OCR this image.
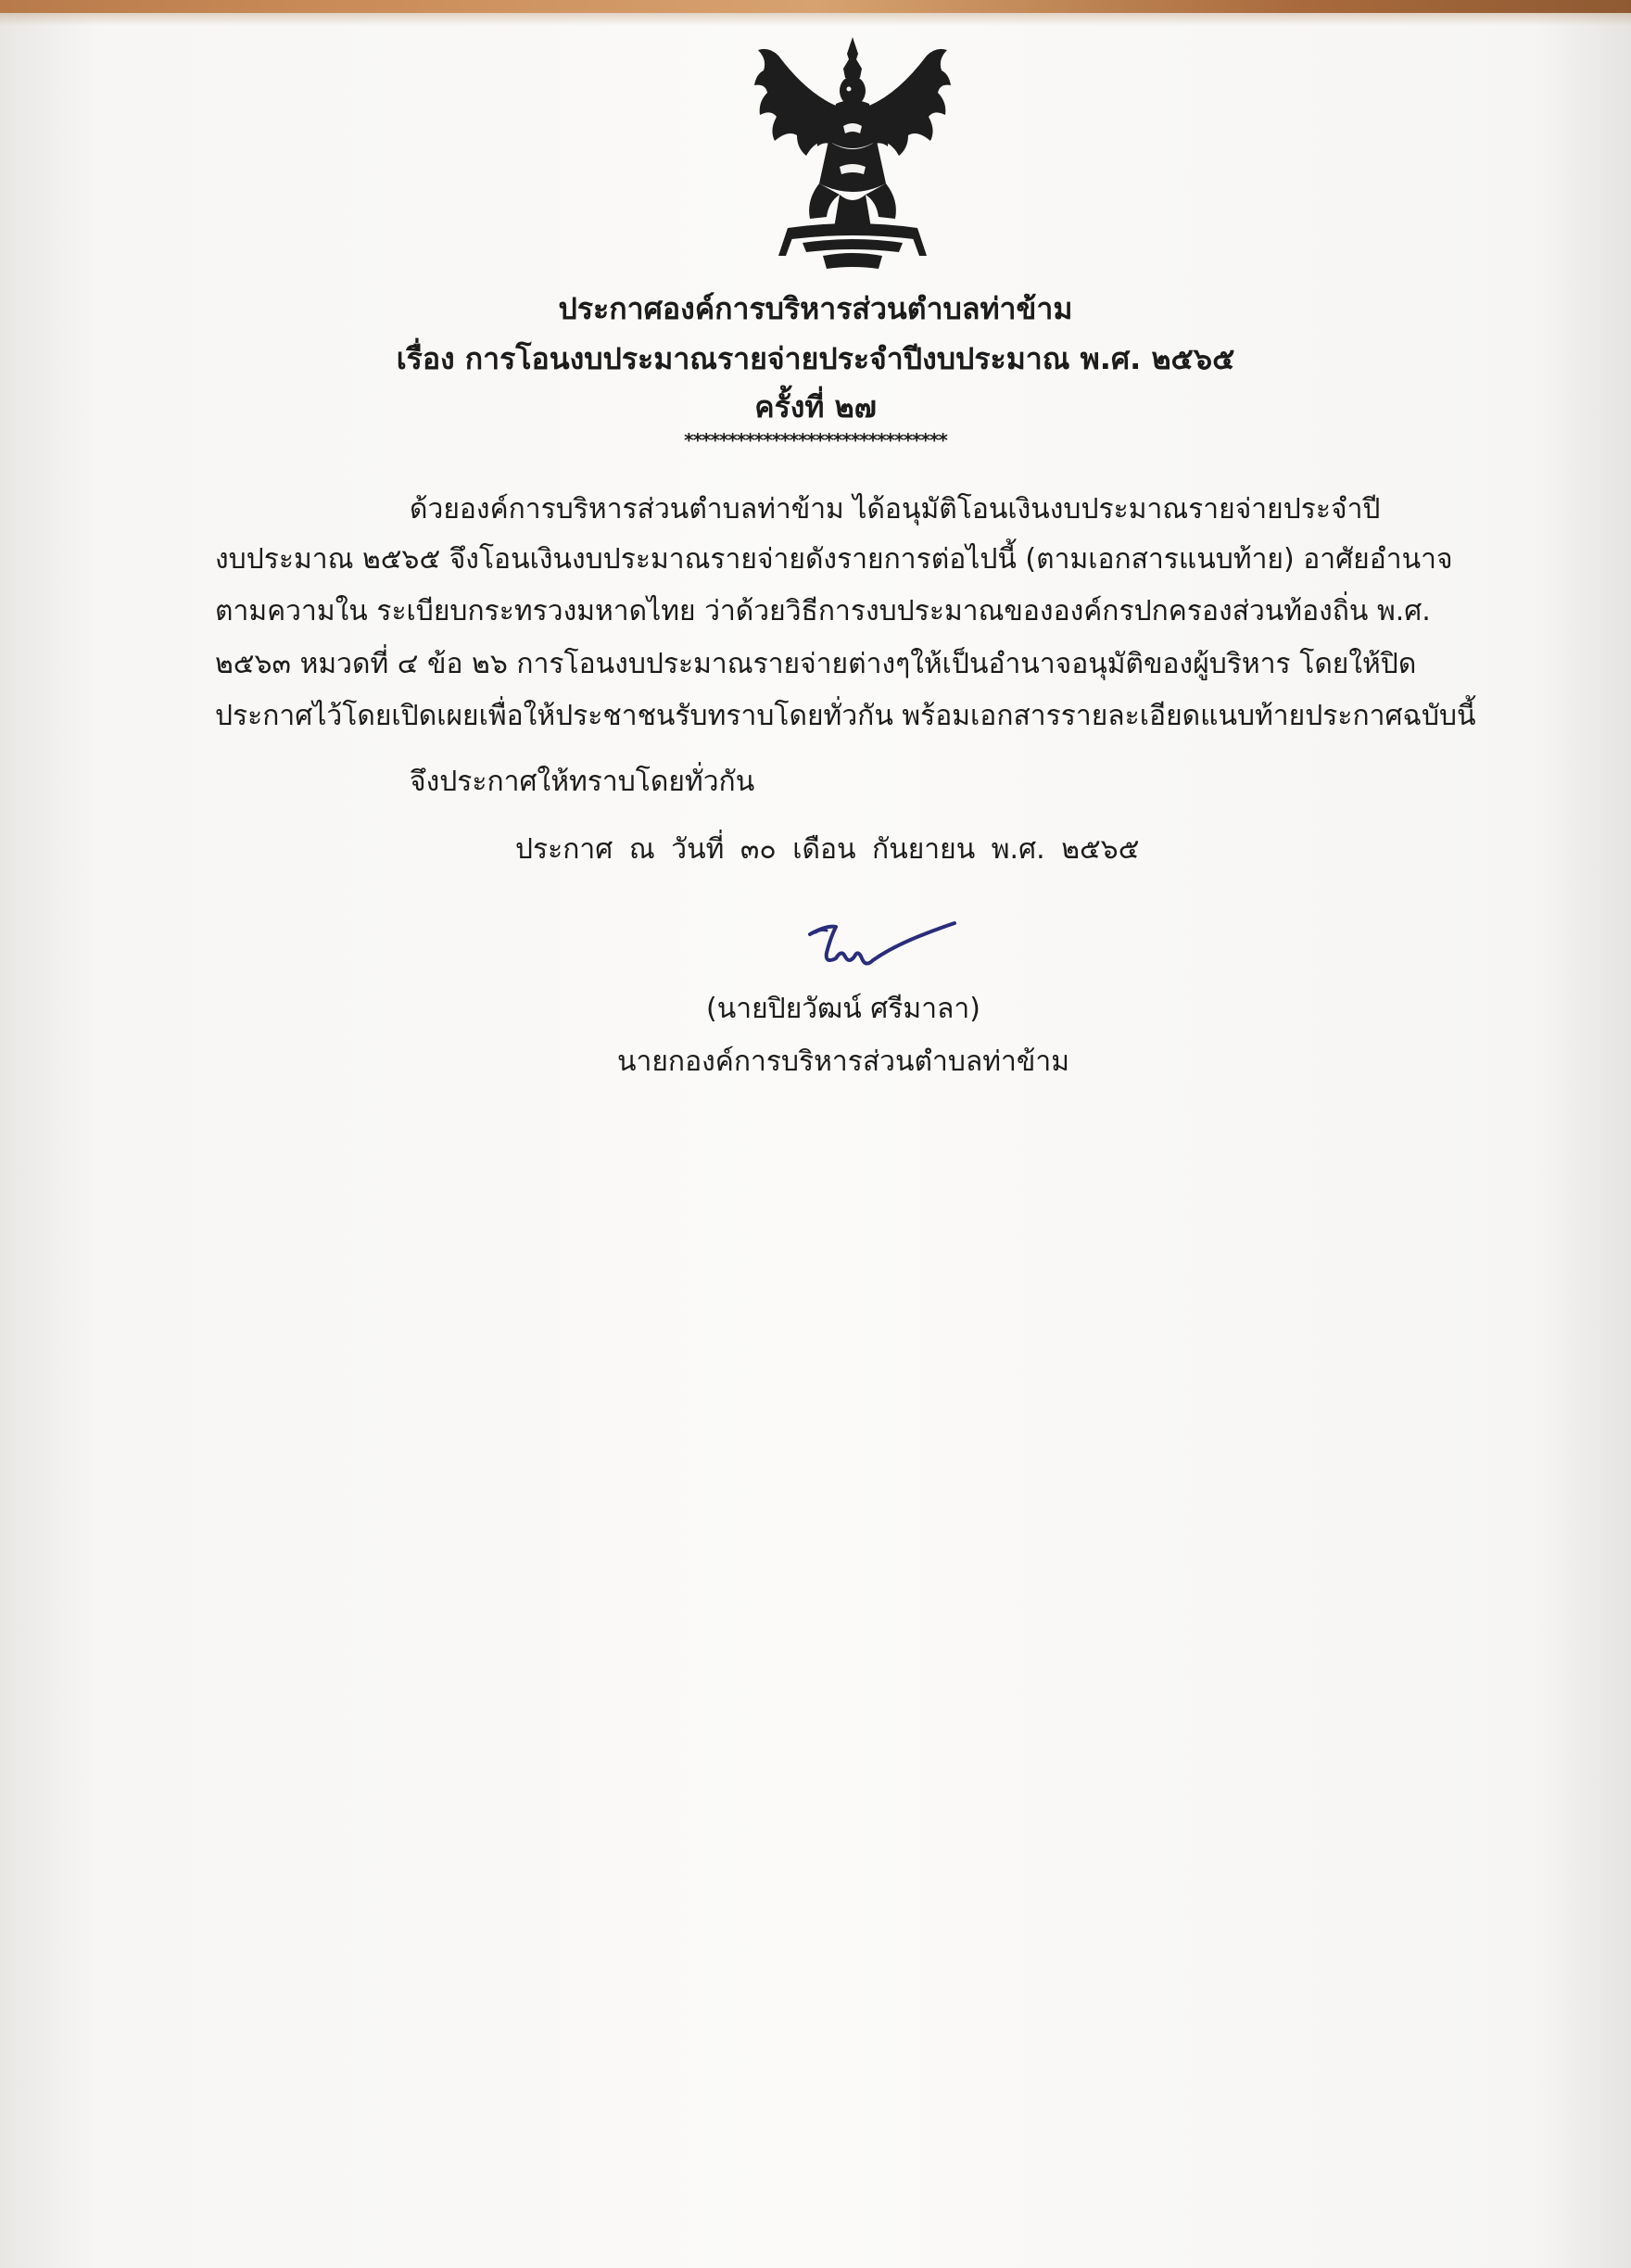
ประกาศองค์การบริหารส่วนตำบลท่าข้าม
เรื่อง การโอนงบประมาณรายจ่ายประจำปีงบประมาณ พ.ศ. ๒๕๖๕
ครั้งที่ ๒๗
******************************
ด้วยองค์การบริหารส่วนตำบลท่าข้าม ได้อนุมัติโอนเงินงบประมาณรายจ่ายประจำปี
งบประมาณ ๒๕๖๕ จึงโอนเงินงบประมาณรายจ่ายดังรายการต่อไปนี้ (ตามเอกสารแนบท้าย) อาศัยอำนาจ
ตามความใน ระเบียบกระทรวงมหาดไทย ว่าด้วยวิธีการงบประมาณขององค์กรปกครองส่วนท้องถิ่น พ.ศ.
๒๕๖๓ หมวดที่ ๔ ข้อ ๒๖ การโอนงบประมาณรายจ่ายต่างๆให้เป็นอำนาจอนุมัติของผู้บริหาร โดยให้ปิด
ประกาศไว้โดยเปิดเผยเพื่อให้ประชาชนรับทราบโดยทั่วกัน พร้อมเอกสารรายละเอียดแนบท้ายประกาศฉบับนี้
จึงประกาศให้ทราบโดยทั่วกัน
ประกาศ ณ วันที่ ๓๐ เดือน กันยายน พ.ศ. ๒๕๖๕
(นายปิยวัฒน์ ศรีมาลา)
นายกองค์การบริหารส่วนตำบลท่าข้าม
